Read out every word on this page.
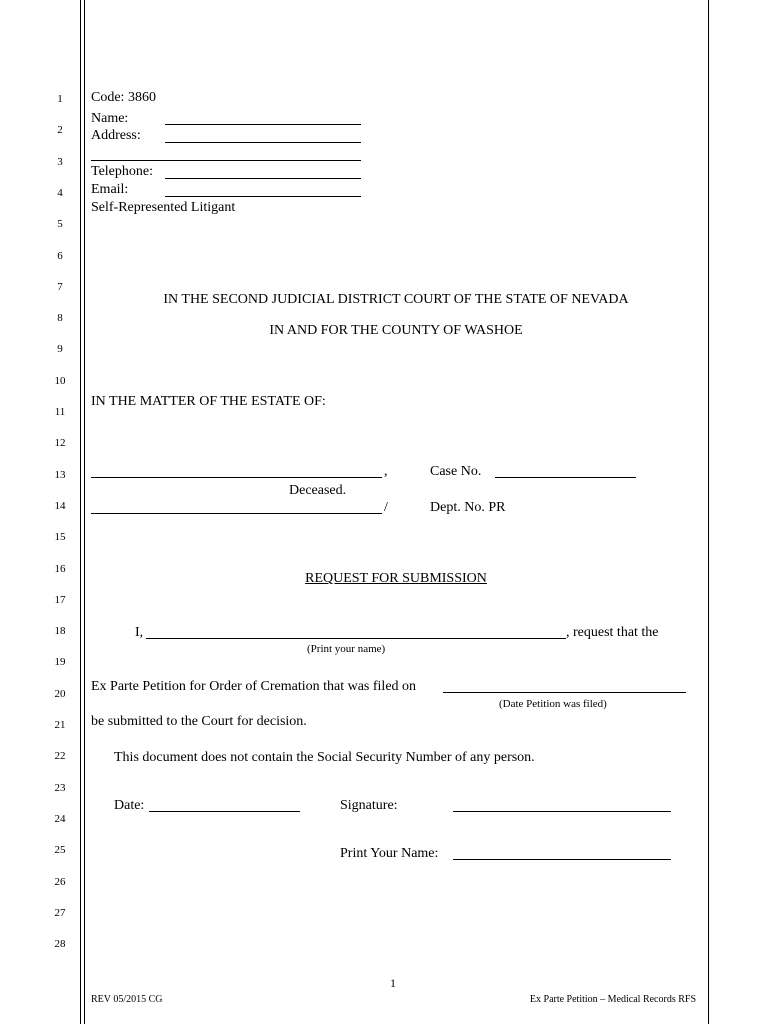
1
2
3
4
5
6
7
8
9
10
11
12
13
14
15
16
17
18
19
20
21
22
23
24
25
26
27
28
Code: 3860
Name:
Address:
Telephone:
Email:
Self-Represented Litigant
IN THE SECOND JUDICIAL DISTRICT COURT OF THE STATE OF NEVADA
IN AND FOR THE COUNTY OF WASHOE
IN THE MATTER OF THE ESTATE OF:
,	Case No.
Deceased.
/	Dept. No. PR
REQUEST FOR SUBMISSION
I,	, request that the
(Print your name)
Ex Parte Petition for Order of Cremation that was filed on
(Date Petition was filed)
be submitted to the Court for decision.
This document does not contain the Social Security Number of any person.
Date:	Signature:
Print Your Name:
1
REV 05/2015 CG	Ex Parte Petition – Medical Records RFS
